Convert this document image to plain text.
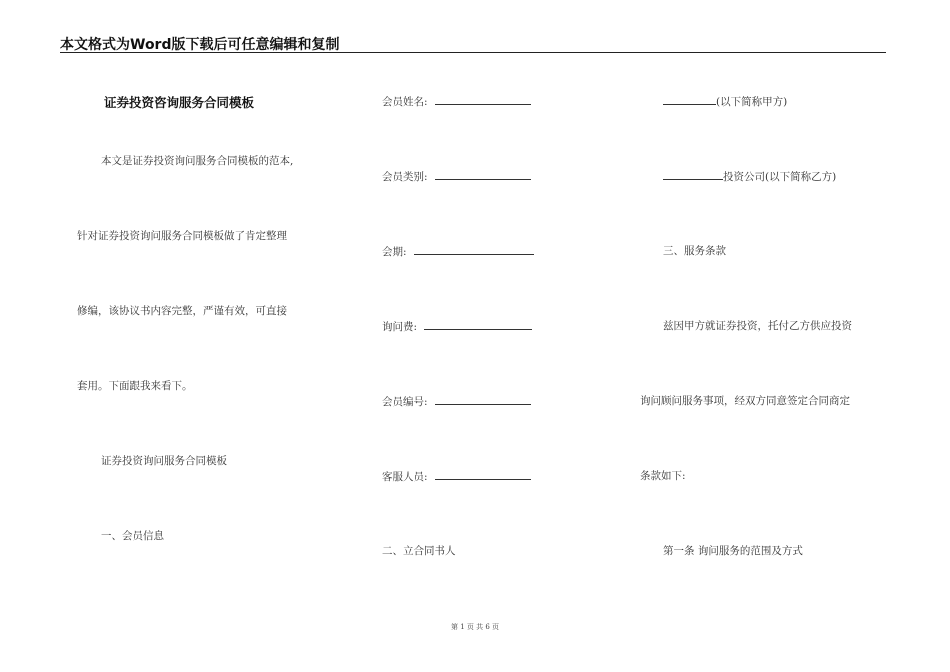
本文格式为Word版下载后可任意编辑和复制
证券投资咨询服务合同模板
本文是证券投资询问服务合同模板的范本,
针对证券投资询问服务合同模板做了肯定整理
修编，该协议书内容完整，严谨有效，可直接
套用。下面跟我来看下。
证券投资询问服务合同模板
一、会员信息
会员姓名:
会员类别:
会期:
询问费:
会员编号:
客服人员:
二、立合同书人
(以下简称甲方)
投资公司(以下简称乙方)
三、服务条款
兹因甲方就证券投资，托付乙方供应投资
询问顾问服务事项，经双方同意签定合同商定
条款如下:
第一条 询问服务的范围及方式
第 1 页 共 6 页
